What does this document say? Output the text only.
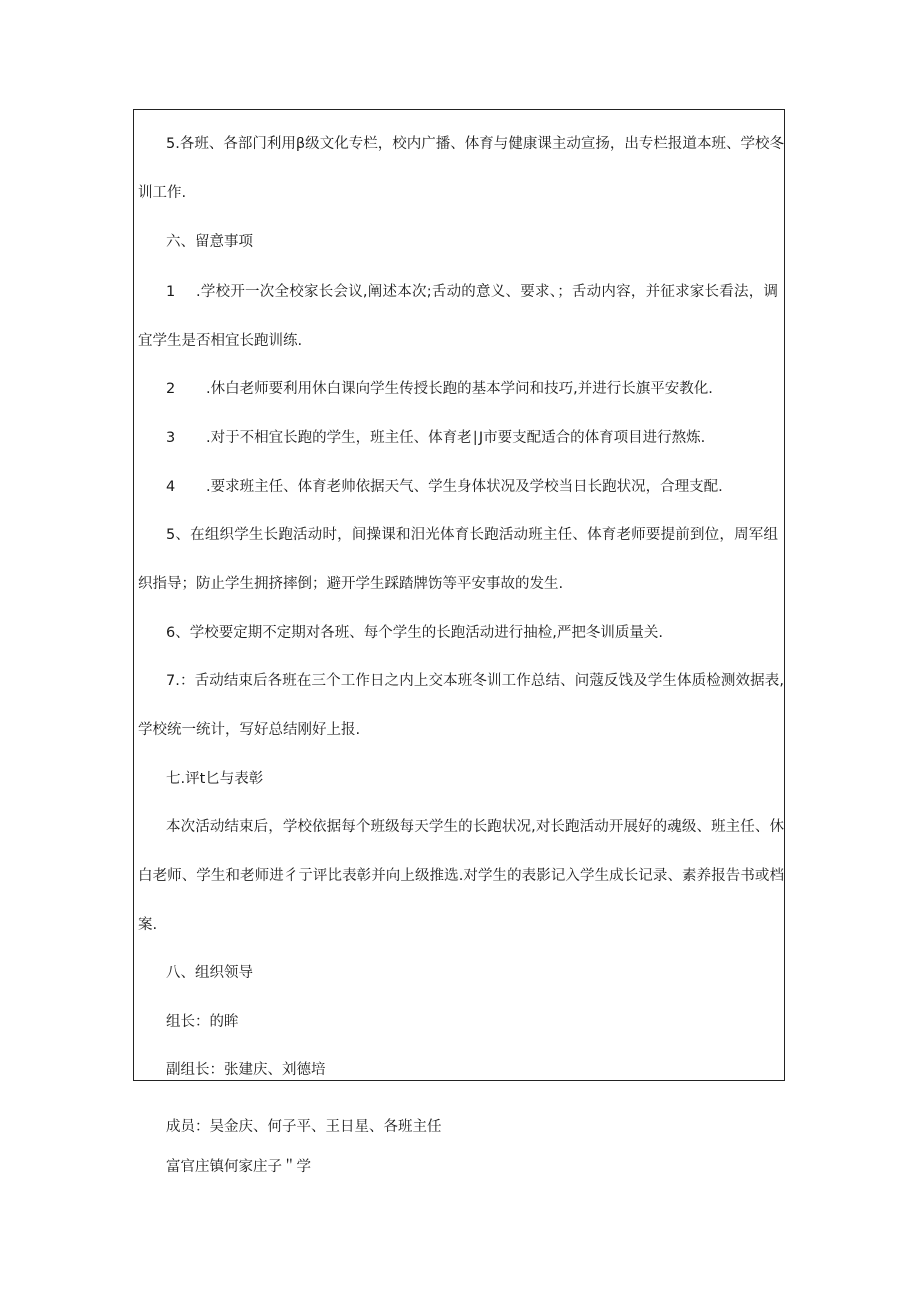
5.各班、各部门利用β级文化专栏，校内广播、体育与健康课主动宣扬，出专栏报道本班、学校冬
训工作.
六、留意事项
1 .学校开一次全校家长会议,阐述本次;舌动的意义、要求、；舌动内容，并征求家长看法，调
宜学生是否相宜长跑训练.
2 .休白老师要利用休白课向学生传授长跑的基本学问和技巧,并进行长旗平安教化.
3 .对于不相宜长跑的学生，班主任、体育老∣J市要支配适合的体育项目进行熬炼.
4 .要求班主任、体育老帅依据天气、学生身体状况及学校当日长跑状况，合理支配.
5、在组织学生长跑活动时，间操课和汨光体育长跑活动班主任、体育老师要提前到位，周军组
织指导；防止学生拥挤摔倒；避开学生踩踏牌饬等平安事故的发生.
6、学校要定期不定期对各班、每个学生的长跑活动进行抽检,严把冬训质量关.
7.：舌动结束后各班在三个工作日之内上交本班冬训工作总结、问蔻反饯及学生体质检测效据表,
学校统一统计，写好总结刚好上报.
七.评t匕与表彰
本次活动结束后，学校依据每个班级每天学生的长跑状况,对长跑活动开展好的魂级、班主任、休
白老师、学生和老师进彳亍评比表彰并向上级推选.对学生的表影记入学生成长记录、素养报告书或档
案.
八、组织领导
组长：的眸
副组长：张建庆、刘德培
成员：吴金庆、何子平、王日星、各班主任
富官庄镇何家庄子＂学
